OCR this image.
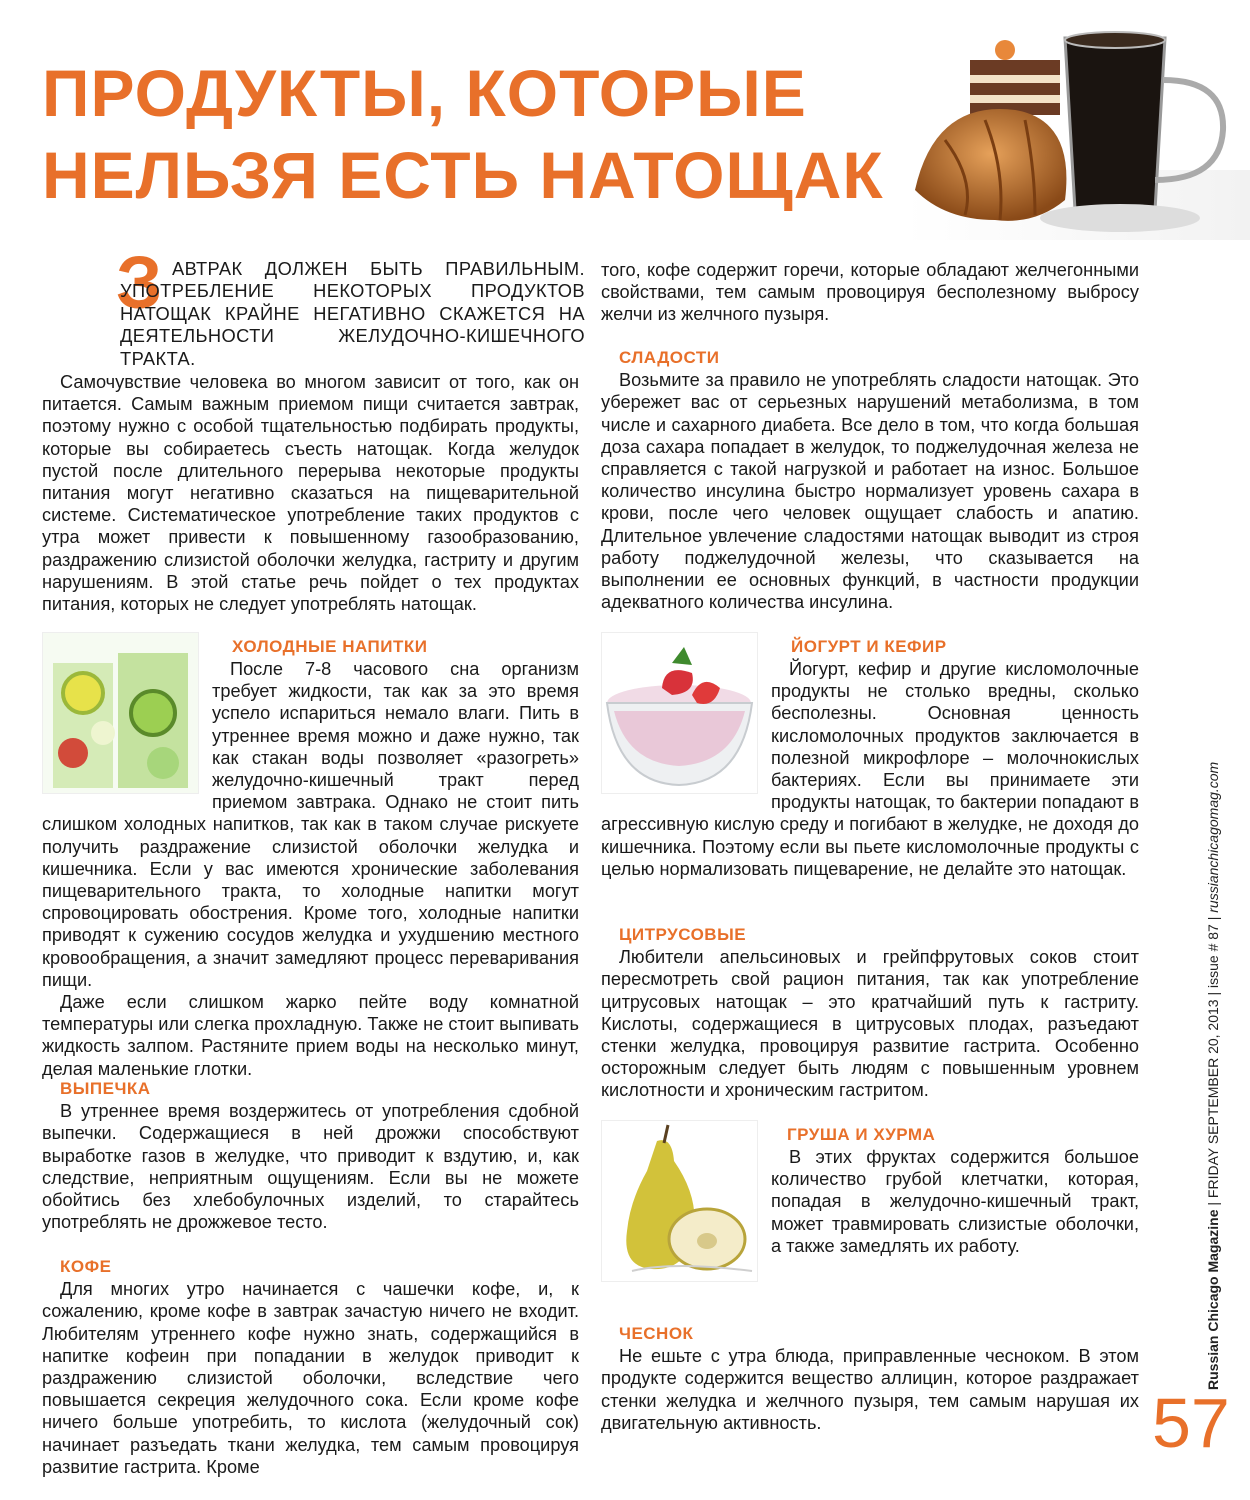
ПРОДУКТЫ, КОТОРЫЕ
НЕЛЬЗЯ ЕСТЬ НАТОЩАК
З АВТРАК ДОЛЖЕН БЫТЬ ПРАВИЛЬНЫМ. УПОТРЕБЛЕНИЕ НЕКОТОРЫХ ПРОДУКТОВ НАТОЩАК КРАЙНЕ НЕГАТИВНО СКАЖЕТСЯ НА ДЕЯТЕЛЬНОСТИ ЖЕЛУДОЧНО-КИШЕЧНОГО ТРАКТА.

Самочувствие человека во многом зависит от того, как он питается. Самым важным приемом пищи считается завтрак, поэтому нужно с особой тщательностью подбирать продукты, которые вы собираетесь съесть натощак. Когда желудок пустой после длительного перерыва некоторые продукты питания могут негативно сказаться на пищеварительной системе. Систематическое употребление таких продуктов с утра может привести к повышенному газообразованию, раздражению слизистой оболочки желудка, гастриту и другим нарушениям. В этой статье речь пойдет о тех продуктах питания, которых не следует употреблять натощак.

ХОЛОДНЫЕ НАПИТКИ

После 7-8 часового сна организм требует жидкости, так как за это время успело испариться немало влаги. Пить в утреннее время можно и даже нужно, так как стакан воды позволяет «разогреть» желудочно-кишечный тракт перед приемом завтрака. Однако не стоит пить слишком холодных напитков, так как в таком случае рискуете получить раздражение слизистой оболочки желудка и кишечника. Если у вас имеются хронические заболевания пищеварительного тракта, то холодные напитки могут спровоцировать обострения. Кроме того, холодные напитки приводят к сужению сосудов желудка и ухудшению местного кровообращения, а значит замедляют процесс переваривания пищи.

Даже если слишком жарко пейте воду комнатной температуры или слегка прохладную. Также не стоит выпивать жидкость залпом. Растяните прием воды на несколько минут, делая маленькие глотки.

ВЫПЕЧКА

В утреннее время воздержитесь от употребления сдобной выпечки. Содержащиеся в ней дрожжи способствуют выработке газов в желудке, что приводит к вздутию, и, как следствие, неприятным ощущениям. Если вы не можете обойтись без хлебобулочных изделий, то старайтесь употреблять не дрожжевое тесто.

КОФЕ

Для многих утро начинается с чашечки кофе, и, к сожалению, кроме кофе в завтрак зачастую ничего не входит. Любителям утреннего кофе нужно знать, содержащийся в напитке кофеин при попадании в желудок приводит к раздражению слизистой оболочки, вследствие чего повышается секреция желудочного сока. Если кроме кофе ничего больше употребить, то кислота (желудочный сок) начинает разъедать ткани желудка, тем самым провоцируя развитие гастрита. Кроме

того, кофе содержит горечи, которые обладают желчегонными свойствами, тем самым провоцируя бесполезному выбросу желчи из желчного пузыря.

СЛАДОСТИ

Возьмите за правило не употреблять сладости натощак. Это убережет вас от серьезных нарушений метаболизма, в том числе и сахарного диабета. Все дело в том, что когда большая доза сахара попадает в желудок, то поджелудочная железа не справляется с такой нагрузкой и работает на износ. Большое количество инсулина быстро нормализует уровень сахара в крови, после чего человек ощущает слабость и апатию. Длительное увлечение сладостями натощак выводит из строя работу поджелудочной железы, что сказывается на выполнении ее основных функций, в частности продукции адекватного количества инсулина.

ЙОГУРТ И КЕФИР

Йогурт, кефир и другие кисломолочные продукты не столько вредны, сколько бесполезны. Основная ценность кисломолочных продуктов заключается в полезной микрофлоре – молочнокислых бактериях. Если вы принимаете эти продукты натощак, то бактерии попадают в агрессивную кислую среду и погибают в желудке, не доходя до кишечника. Поэтому если вы пьете кисломолочные продукты с целью нормализовать пищеварение, не делайте это натощак.

ЦИТРУСОВЫЕ

Любители апельсиновых и грейпфрутовых соков стоит пересмотреть свой рацион питания, так как употребление цитрусовых натощак – это кратчайший путь к гастриту. Кислоты, содержащиеся в цитрусовых плодах, разъедают стенки желудка, провоцируя развитие гастрита. Особенно осторожным следует быть людям с повышенным уровнем кислотности и хроническим гастритом.

ГРУША И ХУРМА

В этих фруктах содержится большое количество грубой клетчатки, которая, попадая в желудочно-кишечный тракт, может травмировать слизистые оболочки, а также замедлять их работу.

ЧЕСНОК

Не ешьте с утра блюда, приправленные чесноком. В этом продукте содержится вещество аллицин, которое раздражает стенки желудка и желчного пузыря, тем самым нарушая их двигательную активность.

Russian Chicago Magazine | FRIDAY SEPTEMBER 20, 2013 | issue # 87 | russianchicagomag.com
57
